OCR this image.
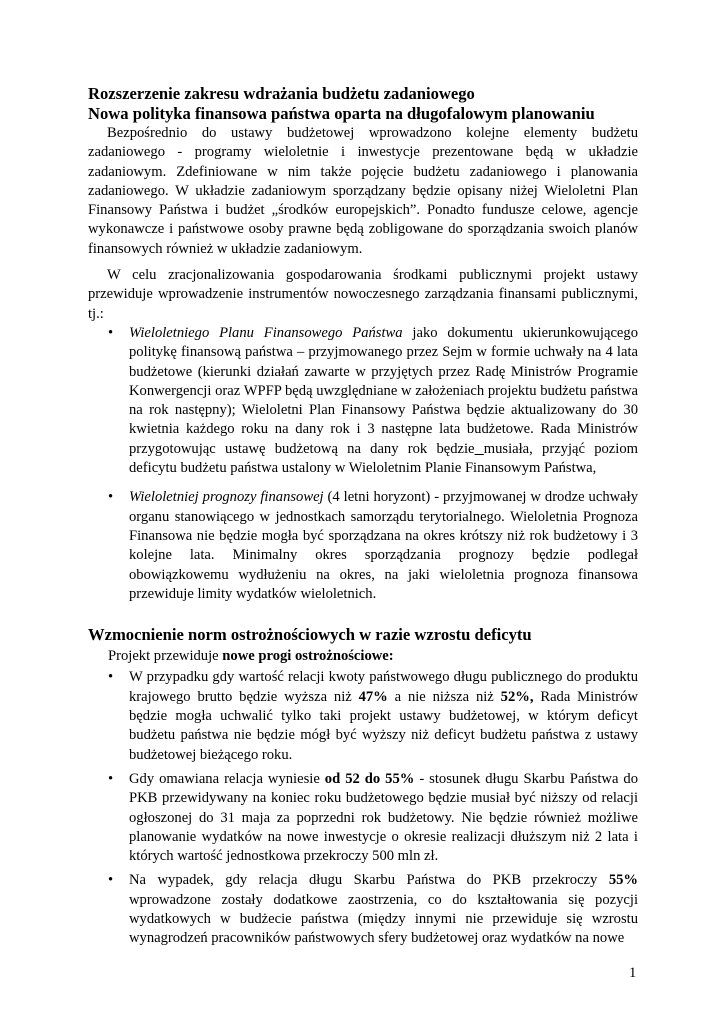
Rozszerzenie zakresu wdrażania budżetu zadaniowego

Nowa polityka finansowa państwa oparta na długofalowym planowaniu

Bezpośrednio do ustawy budżetowej wprowadzono kolejne elementy budżetu zadaniowego - programy wieloletnie i inwestycje prezentowane będą w układzie zadaniowym. Zdefiniowane w nim także pojęcie budżetu zadaniowego i planowania zadaniowego. W układzie zadaniowym sporządzany będzie opisany niżej Wieloletni Plan Finansowy Państwa i budżet „środków europejskich”. Ponadto fundusze celowe, agencje wykonawcze i państwowe osoby prawne będą zobligowane do sporządzania swoich planów finansowych również w układzie zadaniowym.

W celu zracjonalizowania gospodarowania środkami publicznymi projekt ustawy przewiduje wprowadzenie instrumentów nowoczesnego zarządzania finansami publicznymi, tj.:

• Wieloletniego Planu Finansowego Państwa jako dokumentu ukierunkowującego politykę finansową państwa – przyjmowanego przez Sejm w formie uchwały na 4 lata budżetowe (kierunki działań zawarte w przyjętych przez Radę Ministrów Programie Konwergencji oraz WPFP będą uwzględniane w założeniach projektu budżetu państwa na rok następny); Wieloletni Plan Finansowy Państwa będzie aktualizowany do 30 kwietnia każdego roku na dany rok i 3 następne lata budżetowe. Rada Ministrów przygotowując ustawę budżetową na dany rok będzie musiała, przyjąć poziom deficytu budżetu państwa ustalony w Wieloletnim Planie Finansowym Państwa,
• Wieloletniej prognozy finansowej (4 letni horyzont) - przyjmowanej w drodze uchwały organu stanowiącego w jednostkach samorządu terytorialnego. Wieloletnia Prognoza Finansowa nie będzie mogła być sporządzana na okres krótszy niż rok budżetowy i 3 kolejne lata. Minimalny okres sporządzania prognozy będzie podlegał obowiązkowemu wydłużeniu na okres, na jaki wieloletnia prognoza finansowa przewiduje limity wydatków wieloletnich.

Wzmocnienie norm ostrożnościowych w razie wzrostu deficytu

Projekt przewiduje nowe progi ostrożnościowe:

• W przypadku gdy wartość relacji kwoty państwowego długu publicznego do produktu krajowego brutto będzie wyższa niż 47% a nie niższa niż 52%, Rada Ministrów będzie mogła uchwalić tylko taki projekt ustawy budżetowej, w którym deficyt budżetu państwa nie będzie mógł być wyższy niż deficyt budżetu państwa z ustawy budżetowej bieżącego roku.
• Gdy omawiana relacja wyniesie od 52 do 55% - stosunek długu Skarbu Państwa do PKB przewidywany na koniec roku budżetowego będzie musiał być niższy od relacji ogłoszonej do 31 maja za poprzedni rok budżetowy. Nie będzie również możliwe planowanie wydatków na nowe inwestycje o okresie realizacji dłuższym niż 2 lata i których wartość jednostkowa przekroczy 500 mln zł.
• Na wypadek, gdy relacja długu Skarbu Państwa do PKB przekroczy 55% wprowadzone zostały dodatkowe zaostrzenia, co do kształtowania się pozycji wydatkowych w budżecie państwa (między innymi nie przewiduje się wzrostu wynagrodzeń pracowników państwowych sfery budżetowej oraz wydatków na nowe
1
